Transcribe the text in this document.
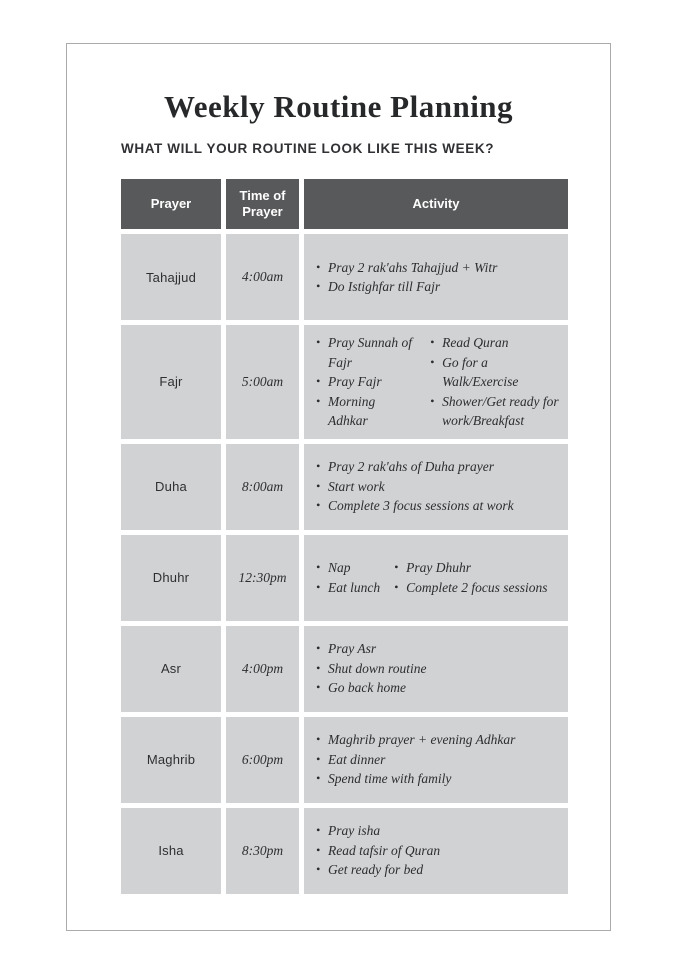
Weekly Routine Planning
WHAT WILL YOUR ROUTINE LOOK LIKE THIS WEEK?
Prayer
Time of Prayer
Activity
Tahajjud	4:00am
• Pray 2 rak'ahs Tahajjud + Witr
• Do Istighfar till Fajr
Fajr	5:00am
• Pray Sunnah of Fajr
• Pray Fajr
• Morning Adhkar
• Read Quran
• Go for a Walk/Exercise
• Shower/Get ready for work/Breakfast
Duha	8:00am
• Pray 2 rak'ahs of Duha prayer
• Start work
• Complete 3 focus sessions at work
Dhuhr	12:30pm
• Nap
• Eat lunch
• Pray Dhuhr
• Complete 2 focus sessions
Asr	4:00pm
• Pray Asr
• Shut down routine
• Go back home
Maghrib	6:00pm
• Maghrib prayer + evening Adhkar
• Eat dinner
• Spend time with family
Isha	8:30pm
• Pray isha
• Read tafsir of Quran
• Get ready for bed
